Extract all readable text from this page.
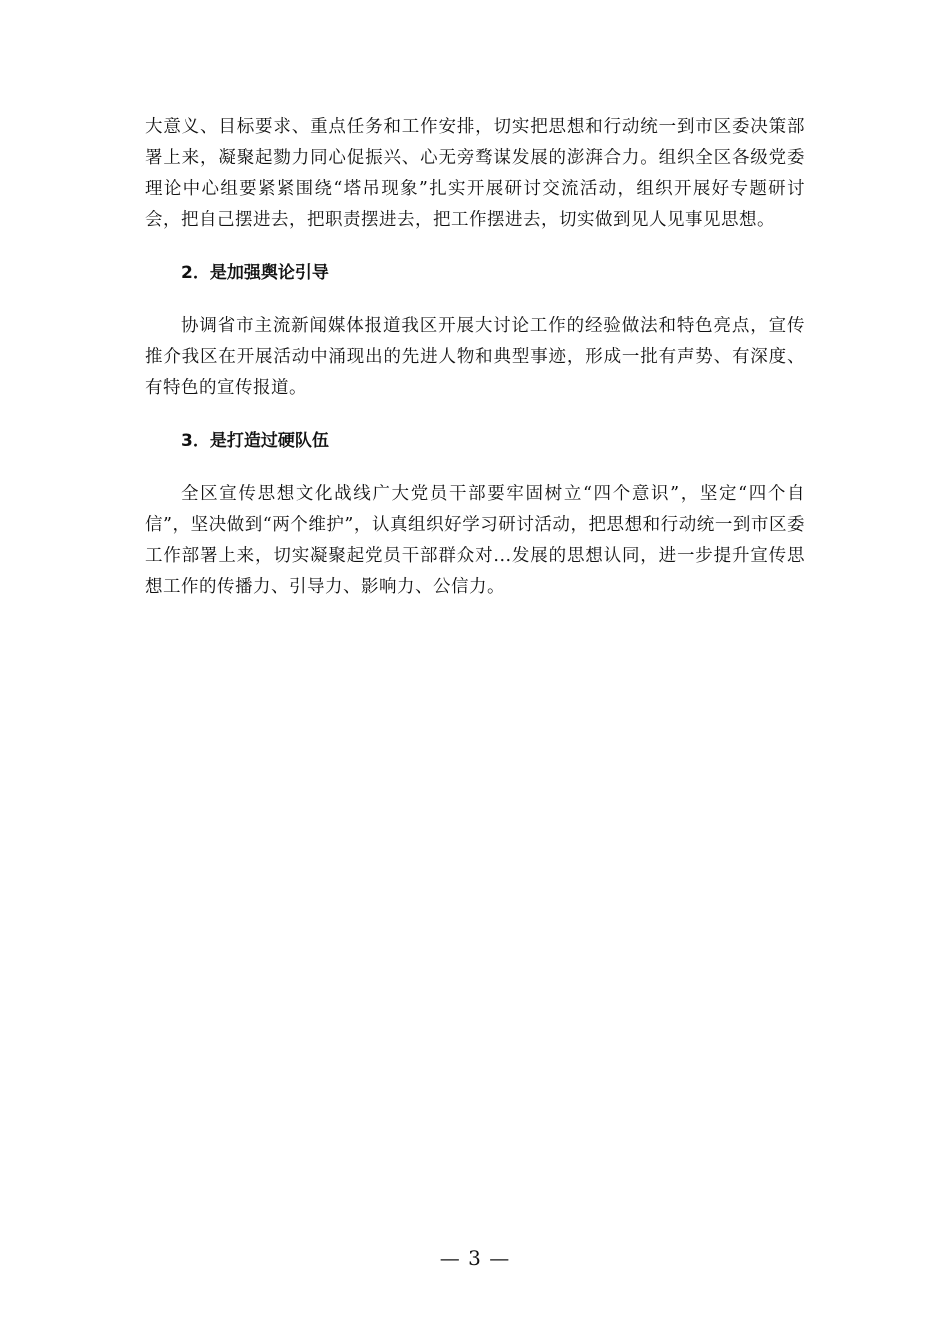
大意义、目标要求、重点任务和工作安排，切实把思想和行动统一到市区委决策部署上来，凝聚起勠力同心促振兴、心无旁骛谋发展的澎湃合力。组织全区各级党委理论中心组要紧紧围绕“塔吊现象”扎实开展研讨交流活动，组织开展好专题研讨会，把自己摆进去，把职责摆进去，把工作摆进去，切实做到见人见事见思想。

2．是加强舆论引导

协调省市主流新闻媒体报道我区开展大讨论工作的经验做法和特色亮点，宣传推介我区在开展活动中涌现出的先进人物和典型事迹，形成一批有声势、有深度、有特色的宣传报道。

3．是打造过硬队伍

全区宣传思想文化战线广大党员干部要牢固树立“四个意识”，坚定“四个自信”，坚决做到“两个维护”，认真组织好学习研讨活动，把思想和行动统一到市区委工作部署上来，切实凝聚起党员干部群众对...发展的思想认同，进一步提升宣传思想工作的传播力、引导力、影响力、公信力。

— 3 —
